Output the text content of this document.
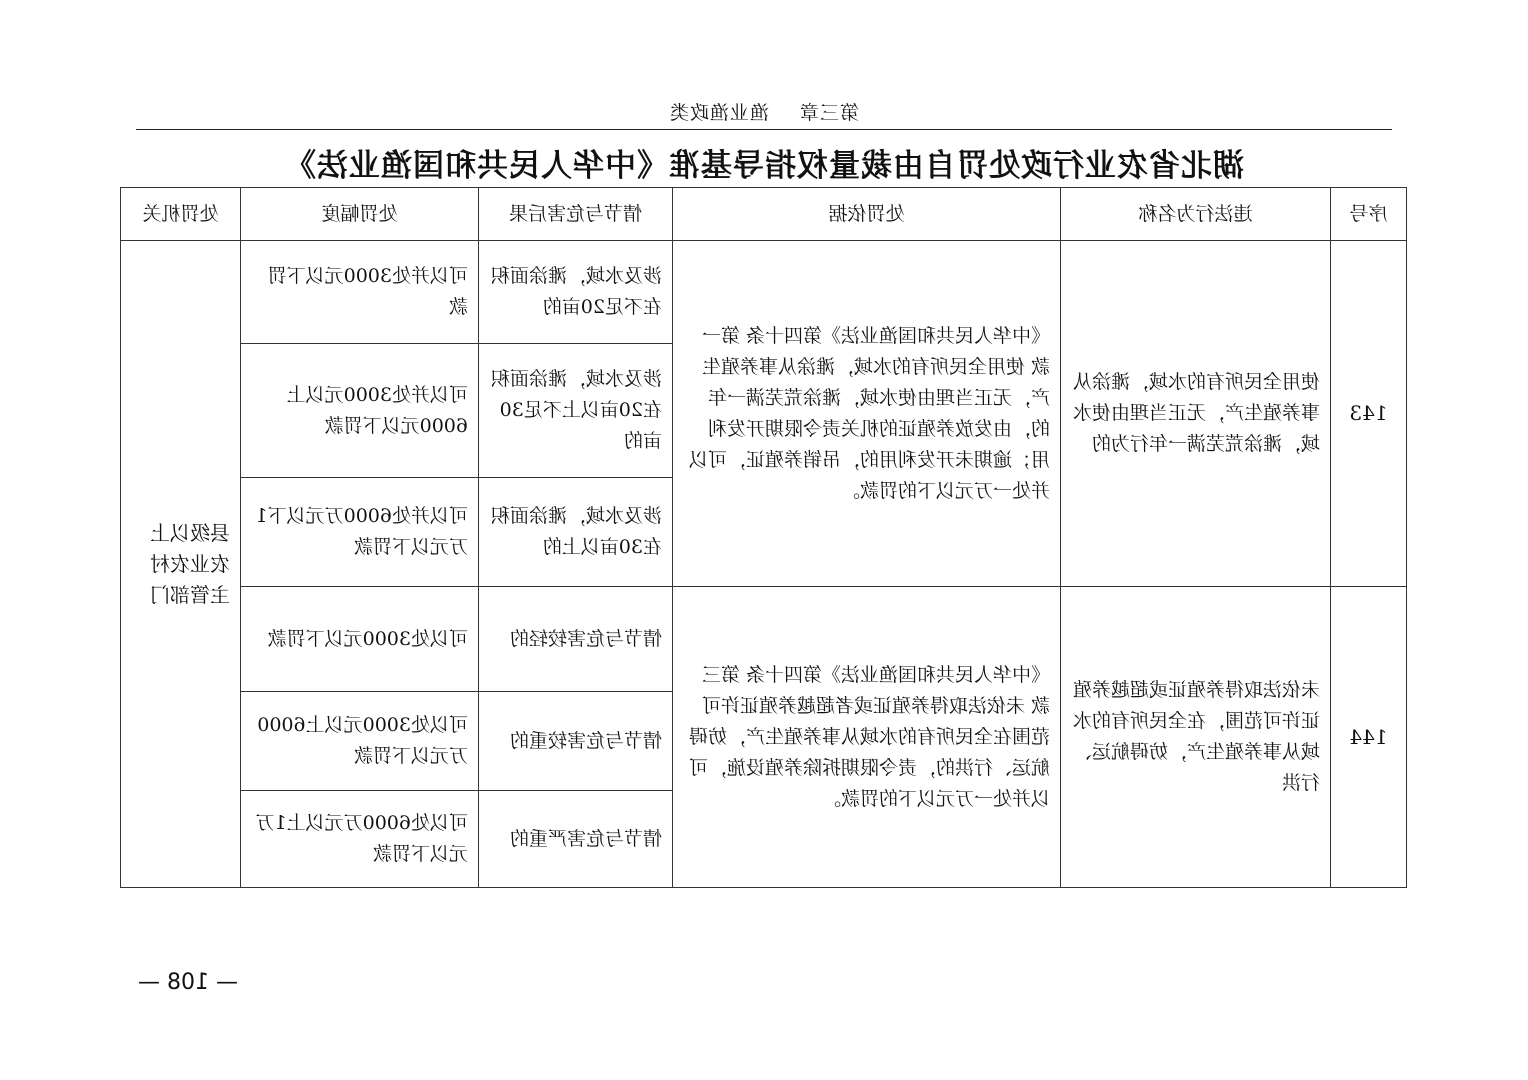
第三章渔业渔政类
湖北省农业行政处罚自由裁量权指导基准《中华人民共和国渔业法》
序号	违法行为名称	处罚依据	情节与危害后果	处罚幅度	处罚机关
143	使用全民所有的水域，滩涂从事养殖生产，无正当理由使水域，滩涂荒芜满一年行为的	《中华人民共和国渔业法》第四十条 第一款 使用全民所有的水域，滩涂从事养殖生产，无正当理由使水域，滩涂荒芜满一年的，由发放养殖证的机关责令限期开发利用；逾期未开发利用的，吊销养殖证，可以并处一万元以下的罚款。	涉及水域，滩涂面积在不足20亩的	可以并处3000元以下罚款	县级以上农业农村主管部门
			涉及水域，滩涂面积在20亩以上不足30亩的	可以并处3000元以上6000元以下罚款	
			涉及水域，滩涂面积在30亩以上的	可以并处6000万元以下1万元以下罚款	
144	未依法取得养殖证或超越养殖证许可范围，在全民所有的水域从事养殖生产，妨碍航运、行洪	《中华人民共和国渔业法》第四十条 第三款 未依法取得养殖证或者超越养殖证许可范围在全民所有的水域从事养殖生产，妨碍航运、行洪的，责令限期拆除养殖设施，可以并处一万元以下的罚款。	情节与危害较轻的	可以处3000元以下罚款	
			情节与危害较重的	可以处3000元以上6000万元以下罚款	
			情节与危害严重的	可以处6000万元以上1万元以下罚款	
— 108 —
